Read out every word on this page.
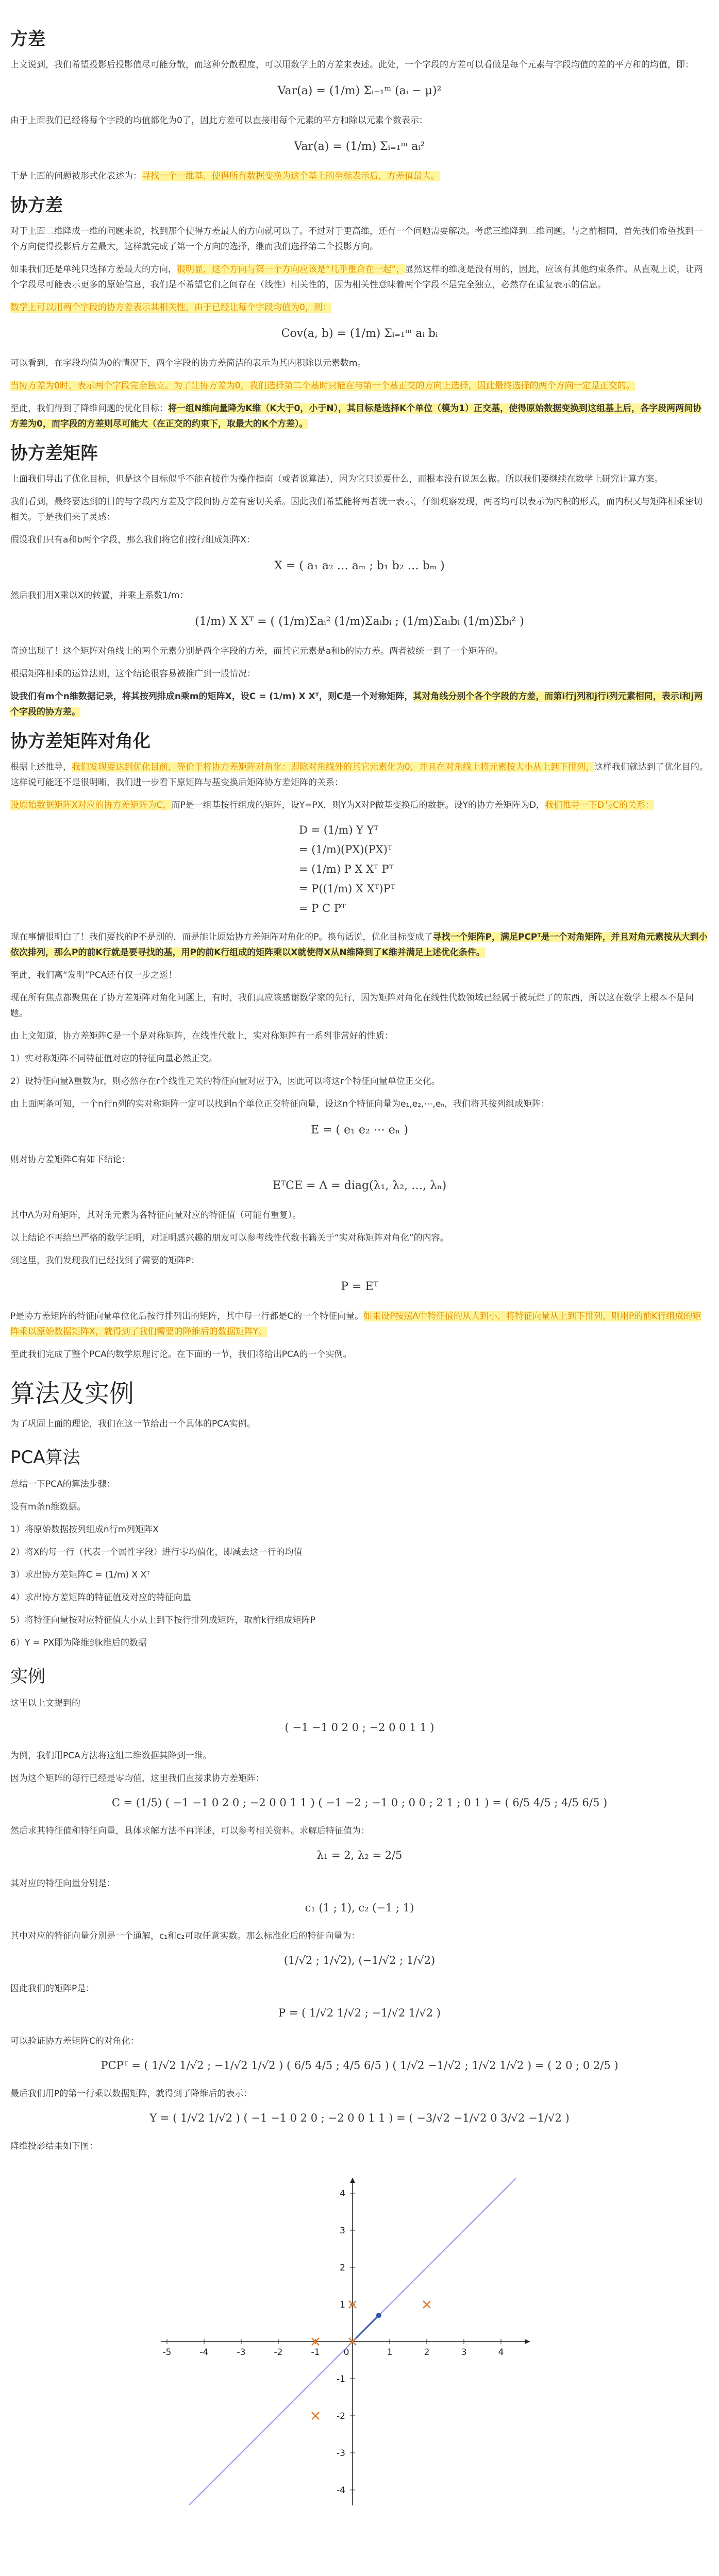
方差

上文说到，我们希望投影后投影值尽可能分散，而这种分散程度，可以用数学上的方差来表述。此处，一个字段的方差可以看做是每个元素与字段均值的差的平方和的均值，即：

Var(a) = (1/m) Σᵢ₌₁ᵐ (aᵢ − μ)²

由于上面我们已经将每个字段的均值都化为0了，因此方差可以直接用每个元素的平方和除以元素个数表示：

Var(a) = (1/m) Σᵢ₌₁ᵐ aᵢ²

于是上面的问题被形式化表述为：寻找一个一维基，使得所有数据变换为这个基上的坐标表示后，方差值最大。

协方差

对于上面二维降成一维的问题来说，找到那个使得方差最大的方向就可以了。不过对于更高维，还有一个问题需要解决。考虑三维降到二维问题。与之前相同，首先我们希望找到一个方向使得投影后方差最大，这样就完成了第一个方向的选择，继而我们选择第二个投影方向。

如果我们还是单纯只选择方差最大的方向，很明显，这个方向与第一个方向应该是“几乎重合在一起”，显然这样的维度是没有用的，因此，应该有其他约束条件。从直观上说，让两个字段尽可能表示更多的原始信息，我们是不希望它们之间存在（线性）相关性的，因为相关性意味着两个字段不是完全独立，必然存在重复表示的信息。

数学上可以用两个字段的协方差表示其相关性，由于已经让每个字段均值为0，则：

Cov(a, b) = (1/m) Σᵢ₌₁ᵐ aᵢ bᵢ

可以看到，在字段均值为0的情况下，两个字段的协方差简洁的表示为其内积除以元素数m。

当协方差为0时，表示两个字段完全独立。为了让协方差为0，我们选择第二个基时只能在与第一个基正交的方向上选择，因此最终选择的两个方向一定是正交的。

至此，我们得到了降维问题的优化目标：将一组N维向量降为K维（K大于0，小于N），其目标是选择K个单位（模为1）正交基，使得原始数据变换到这组基上后，各字段两两间协方差为0，而字段的方差则尽可能大（在正交的约束下，取最大的K个方差）。

协方差矩阵

上面我们导出了优化目标，但是这个目标似乎不能直接作为操作指南（或者说算法），因为它只说要什么，而根本没有说怎么做。所以我们要继续在数学上研究计算方案。

我们看到，最终要达到的目的与字段内方差及字段间协方差有密切关系。因此我们希望能将两者统一表示，仔细观察发现，两者均可以表示为内积的形式，而内积又与矩阵相乘密切相关。于是我们来了灵感：

假设我们只有a和b两个字段，那么我们将它们按行组成矩阵X：

X = ( a₁ a₂ … aₘ ; b₁ b₂ … bₘ )

然后我们用X乘以X的转置，并乘上系数1/m：

(1/m) X Xᵀ = ( (1/m)Σaᵢ² (1/m)Σaᵢbᵢ ; (1/m)Σaᵢbᵢ (1/m)Σbᵢ² )

奇迹出现了！这个矩阵对角线上的两个元素分别是两个字段的方差，而其它元素是a和b的协方差。两者被统一到了一个矩阵的。

根据矩阵相乘的运算法则，这个结论很容易被推广到一般情况：

设我们有m个n维数据记录，将其按列排成n乘m的矩阵X，设C = (1/m) X Xᵀ，则C是一个对称矩阵，其对角线分别个各个字段的方差，而第i行j列和j行i列元素相同，表示i和j两个字段的协方差。

协方差矩阵对角化

根据上述推导，我们发现要达到优化目前，等价于将协方差矩阵对角化：即除对角线外的其它元素化为0，并且在对角线上将元素按大小从上到下排列，这样我们就达到了优化目的。这样说可能还不是很明晰，我们进一步看下原矩阵与基变换后矩阵协方差矩阵的关系：

设原始数据矩阵X对应的协方差矩阵为C，而P是一组基按行组成的矩阵，设Y=PX，则Y为X对P做基变换后的数据。设Y的协方差矩阵为D，我们推导一下D与C的关系：

D = (1/m) Y Yᵀ
= (1/m)(PX)(PX)ᵀ
= (1/m) P X Xᵀ Pᵀ
= P((1/m) X Xᵀ)Pᵀ
= P C Pᵀ

现在事情很明白了！我们要找的P不是别的，而是能让原始协方差矩阵对角化的P。换句话说，优化目标变成了寻找一个矩阵P，满足PCPᵀ是一个对角矩阵，并且对角元素按从大到小依次排列，那么P的前K行就是要寻找的基，用P的前K行组成的矩阵乘以X就使得X从N维降到了K维并满足上述优化条件。

至此，我们离“发明”PCA还有仅一步之遥！

现在所有焦点都聚焦在了协方差矩阵对角化问题上，有时，我们真应该感谢数学家的先行，因为矩阵对角化在线性代数领域已经属于被玩烂了的东西，所以这在数学上根本不是问题。

由上文知道，协方差矩阵C是一个是对称矩阵，在线性代数上，实对称矩阵有一系列非常好的性质：

1）实对称矩阵不同特征值对应的特征向量必然正交。

2）设特征向量λ重数为r，则必然存在r个线性无关的特征向量对应于λ，因此可以将这r个特征向量单位正交化。

由上面两条可知，一个n行n列的实对称矩阵一定可以找到n个单位正交特征向量，设这n个特征向量为e₁,e₂,⋯,eₙ，我们将其按列组成矩阵：

E = ( e₁ e₂ ⋯ eₙ )

则对协方差矩阵C有如下结论：

EᵀCE = Λ = diag(λ₁, λ₂, …, λₙ)

其中Λ为对角矩阵，其对角元素为各特征向量对应的特征值（可能有重复）。

以上结论不再给出严格的数学证明，对证明感兴趣的朋友可以参考线性代数书籍关于“实对称矩阵对角化”的内容。

到这里，我们发现我们已经找到了需要的矩阵P：

P = Eᵀ

P是协方差矩阵的特征向量单位化后按行排列出的矩阵，其中每一行都是C的一个特征向量。如果设P按照Λ中特征值的从大到小，将特征向量从上到下排列，则用P的前K行组成的矩阵乘以原始数据矩阵X，就得到了我们需要的降维后的数据矩阵Y。

至此我们完成了整个PCA的数学原理讨论。在下面的一节，我们将给出PCA的一个实例。

算法及实例

为了巩固上面的理论，我们在这一节给出一个具体的PCA实例。

PCA算法

总结一下PCA的算法步骤：

设有m条n维数据。

1）将原始数据按列组成n行m列矩阵X

2）将X的每一行（代表一个属性字段）进行零均值化，即减去这一行的均值

3）求出协方差矩阵C = (1/m) X Xᵀ

4）求出协方差矩阵的特征值及对应的特征向量

5）将特征向量按对应特征值大小从上到下按行排列成矩阵，取前k行组成矩阵P

6）Y = PX即为降维到k维后的数据

实例

这里以上文提到的

( −1 −1 0 2 0 ; −2 0 0 1 1 )

为例，我们用PCA方法将这组二维数据其降到一维。

因为这个矩阵的每行已经是零均值，这里我们直接求协方差矩阵：

C = (1/5) ( −1 −1 0 2 0 ; −2 0 0 1 1 ) ( −1 −2 ; −1 0 ; 0 0 ; 2 1 ; 0 1 ) = ( 6/5 4/5 ; 4/5 6/5 )

然后求其特征值和特征向量，具体求解方法不再详述，可以参考相关资料。求解后特征值为：

λ₁ = 2, λ₂ = 2/5

其对应的特征向量分别是：

c₁ (1 ; 1), c₂ (−1 ; 1)

其中对应的特征向量分别是一个通解，c₁和c₂可取任意实数。那么标准化后的特征向量为：

(1/√2 ; 1/√2), (−1/√2 ; 1/√2)

因此我们的矩阵P是：

P = ( 1/√2 1/√2 ; −1/√2 1/√2 )

可以验证协方差矩阵C的对角化：

PCPᵀ = ( 1/√2 1/√2 ; −1/√2 1/√2 ) ( 6/5 4/5 ; 4/5 6/5 ) ( 1/√2 −1/√2 ; 1/√2 1/√2 ) = ( 2 0 ; 0 2/5 )

最后我们用P的第一行乘以数据矩阵，就得到了降维后的表示：

Y = ( 1/√2 1/√2 ) ( −1 −1 0 2 0 ; −2 0 0 1 1 ) = ( −3/√2 −1/√2 0 3/√2 −1/√2 )

降维投影结果如下图：

-5	-4	-3	-2	-1	0	1	2	3	4
4
3
2
1
-1
-2
-3
-4
